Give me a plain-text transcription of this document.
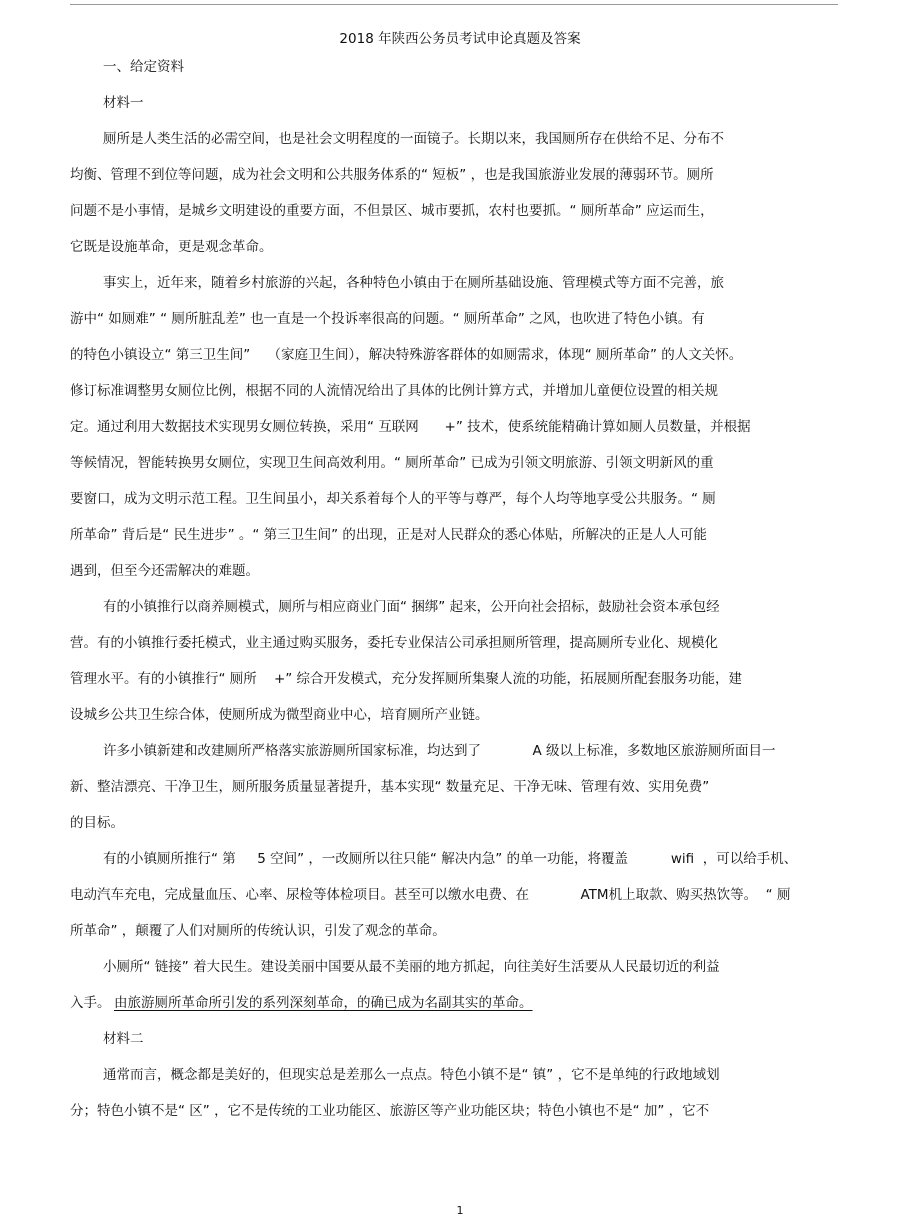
2018 年陕西公务员考试申论真题及答案
一、给定资料
材料一
厕所是人类生活的必需空间，也是社会文明程度的一面镜子。长期以来，我国厕所存在供给不足、分布不
均衡、管理不到位等问题，成为社会文明和公共服务体系的“ 短板” ，也是我国旅游业发展的薄弱环节。厕所
问题不是小事情，是城乡文明建设的重要方面，不但景区、城市要抓，农村也要抓。“ 厕所革命” 应运而生，
它既是设施革命，更是观念革命。
事实上，近年来，随着乡村旅游的兴起，各种特色小镇由于在厕所基础设施、管理模式等方面不完善，旅
游中“ 如厕难” “ 厕所脏乱差” 也一直是一个投诉率很高的问题。“ 厕所革命” 之风，也吹进了特色小镇。有
的特色小镇设立“ 第三卫生间”    （家庭卫生间），解决特殊游客群体的如厕需求，体现“ 厕所革命” 的人文关怀。
修订标准调整男女厕位比例，根据不同的人流情况给出了具体的比例计算方式，并增加儿童便位设置的相关规
定。通过利用大数据技术实现男女厕位转换，采用“ 互联网      +” 技术，使系统能精确计算如厕人员数量，并根据
等候情况，智能转换男女厕位，实现卫生间高效利用。“ 厕所革命” 已成为引领文明旅游、引领文明新风的重
要窗口，成为文明示范工程。卫生间虽小，却关系着每个人的平等与尊严，每个人均等地享受公共服务。“ 厕
所革命” 背后是“ 民生进步” 。“ 第三卫生间” 的出现，正是对人民群众的悉心体贴，所解决的正是人人可能
遇到，但至今还需解决的难题。
有的小镇推行以商养厕模式，厕所与相应商业门面“ 捆绑” 起来，公开向社会招标，鼓励社会资本承包经
营。有的小镇推行委托模式，业主通过购买服务，委托专业保洁公司承担厕所管理，提高厕所专业化、规模化
管理水平。有的小镇推行“ 厕所    +” 综合开发模式，充分发挥厕所集聚人流的功能，拓展厕所配套服务功能，建
设城乡公共卫生综合体，使厕所成为微型商业中心，培育厕所产业链。
许多小镇新建和改建厕所严格落实旅游厕所国家标准，均达到了            A 级以上标准，多数地区旅游厕所面目一
新、整洁漂亮、干净卫生，厕所服务质量显著提升，基本实现“ 数量充足、干净无味、管理有效、实用免费”
的目标。
有的小镇厕所推行“ 第     5 空间” ，一改厕所以往只能“ 解决内急” 的单一功能，将覆盖          wifi  ，可以给手机、
电动汽车充电，完成量血压、心率、尿检等体检项目。甚至可以缴水电费、在            ATM机上取款、购买热饮等。  “ 厕
所革命” ，颠覆了人们对厕所的传统认识，引发了观念的革命。
小厕所“ 链接” 着大民生。建设美丽中国要从最不美丽的地方抓起，向往美好生活要从人民最切近的利益
入手。 由旅游厕所革命所引发的系列深刻革命，的确已成为名副其实的革命。
材料二
通常而言，概念都是美好的，但现实总是差那么一点点。特色小镇不是“ 镇” ，它不是单纯的行政地域划
分；特色小镇不是“ 区” ，它不是传统的工业功能区、旅游区等产业功能区块；特色小镇也不是“ 加” ，它不
1
